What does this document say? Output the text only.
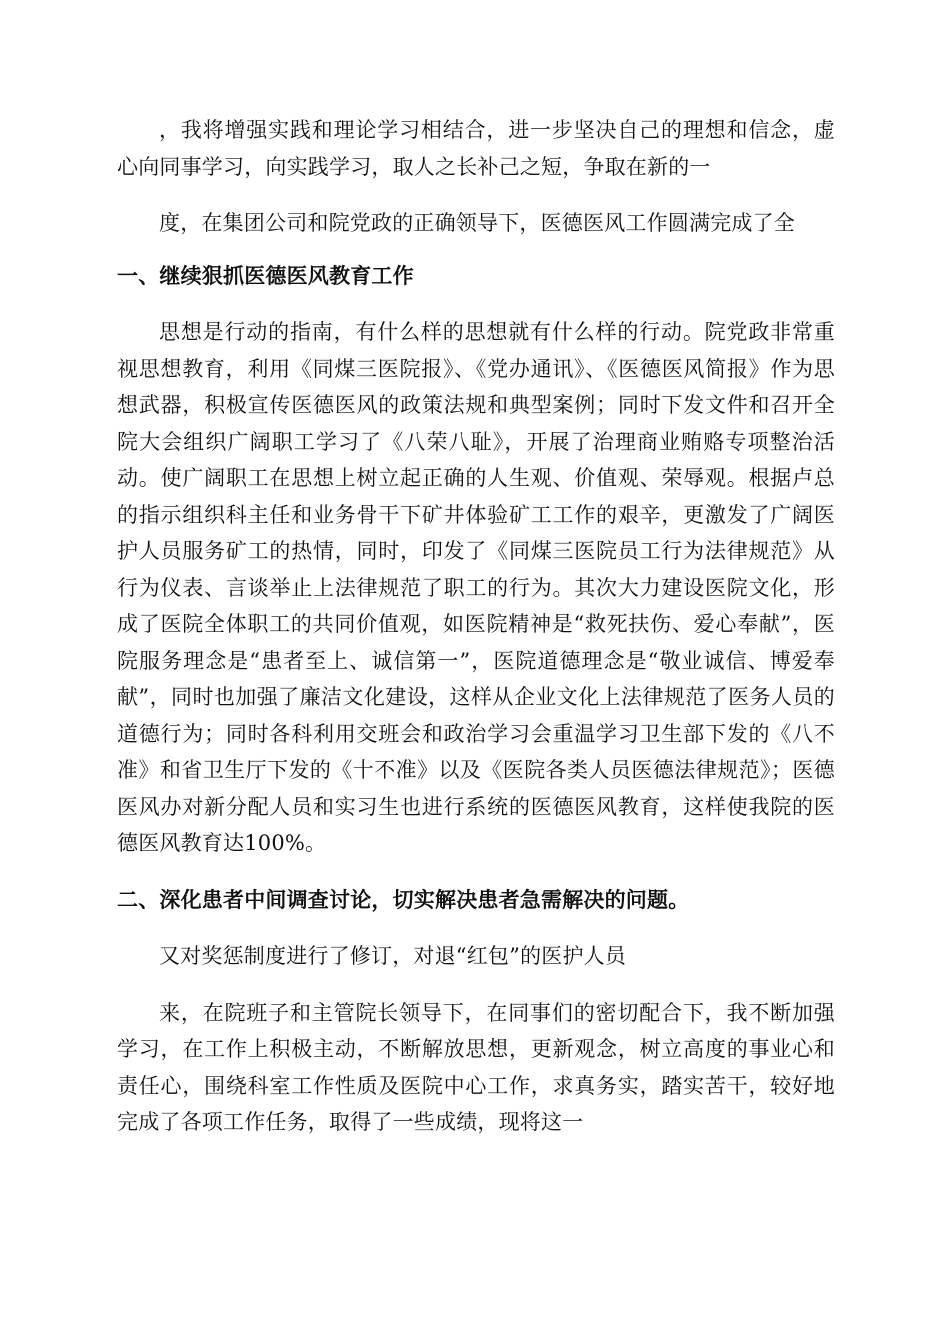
，我将增强实践和理论学习相结合，进一步坚决自己的理想和信念，虚心向同事学习，向实践学习，取人之长补己之短，争取在新的一

度，在集团公司和院党政的正确领导下，医德医风工作圆满完成了全

一、继续狠抓医德医风教育工作

思想是行动的指南，有什么样的思想就有什么样的行动。院党政非常重视思想教育，利用《同煤三医院报》、《党办通讯》、《医德医风简报》作为思想武器，积极宣传医德医风的政策法规和典型案例；同时下发文件和召开全院大会组织广阔职工学习了《八荣八耻》，开展了治理商业贿赂专项整治活动。使广阔职工在思想上树立起正确的人生观、价值观、荣辱观。根据卢总的指示组织科主任和业务骨干下矿井体验矿工工作的艰辛，更激发了广阔医护人员服务矿工的热情，同时，印发了《同煤三医院员工行为法律规范》从行为仪表、言谈举止上法律规范了职工的行为。其次大力建设医院文化，形成了医院全体职工的共同价值观，如医院精神是“救死扶伤、爱心奉献”，医院服务理念是“患者至上、诚信第一”，医院道德理念是“敬业诚信、博爱奉献”，同时也加强了廉洁文化建设，这样从企业文化上法律规范了医务人员的道德行为；同时各科利用交班会和政治学习会重温学习卫生部下发的《八不准》和省卫生厅下发的《十不准》以及《医院各类人员医德法律规范》；医德医风办对新分配人员和实习生也进行系统的医德医风教育，这样使我院的医德医风教育达100%。

二、深化患者中间调查讨论，切实解决患者急需解决的问题。

又对奖惩制度进行了修订，对退“红包”的医护人员

来，在院班子和主管院长领导下，在同事们的密切配合下，我不断加强学习，在工作上积极主动，不断解放思想，更新观念，树立高度的事业心和责任心，围绕科室工作性质及医院中心工作，求真务实，踏实苦干，较好地完成了各项工作任务，取得了一些成绩，现将这一
